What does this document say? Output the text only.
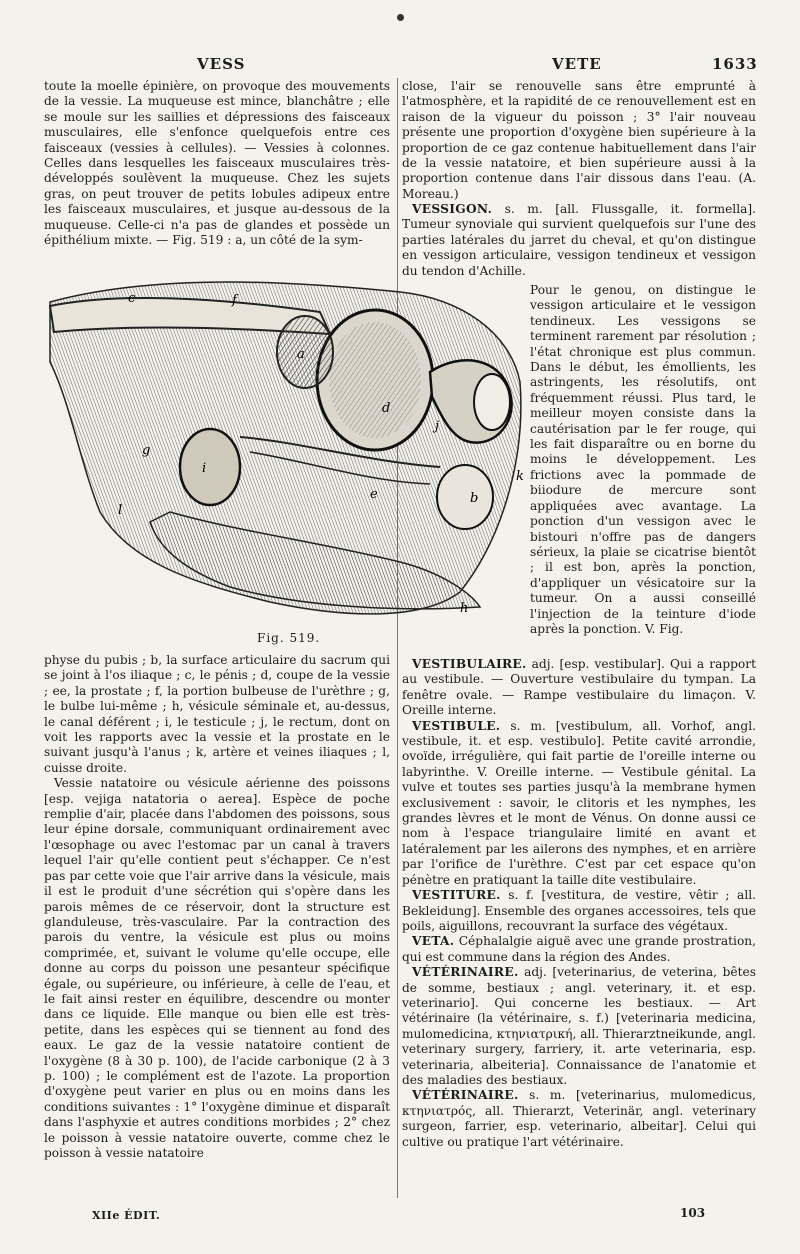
VESS	VETE	1633

toute la moelle épinière, on provoque des mouvements de la vessie. La muqueuse est mince, blanchâtre ; elle se moule sur les saillies et dépressions des faisceaux musculaires, elle s'enfonce quelquefois entre ces faisceaux (vessies à cellules). — Vessies à colonnes. Celles dans lesquelles les faisceaux musculaires très-développés soulèvent la muqueuse. Chez les sujets gras, on peut trouver de petits lobules adipeux entre les faisceaux musculaires, et jusque au-dessous de la muqueuse. Celle-ci n'a pas de glandes et possède un épithélium mixte. — Fig. 519 : a, un côté de la sym-

c	f
a
d
j
g
i
k
e	b
l
h
Fig. 519.

physe du pubis ; b, la surface articulaire du sacrum qui se joint à l'os iliaque ; c, le pénis ; d, coupe de la vessie ; ee, la prostate ; f, la portion bulbeuse de l'urèthre ; g, le bulbe lui-même ; h, vésicule séminale et, au-dessus, le canal déférent ; i, le testicule ; j, le rectum, dont on voit les rapports avec la vessie et la prostate en le suivant jusqu'à l'anus ; k, artère et veines iliaques ; l, cuisse droite.

Vessie natatoire ou vésicule aérienne des poissons [esp. vejiga natatoria o aerea]. Espèce de poche remplie d'air, placée dans l'abdomen des poissons, sous leur épine dorsale, communiquant ordinairement avec l'œsophage ou avec l'estomac par un canal à travers lequel l'air qu'elle contient peut s'échapper. Ce n'est pas par cette voie que l'air arrive dans la vésicule, mais il est le produit d'une sécrétion qui s'opère dans les parois mêmes de ce réservoir, dont la structure est glanduleuse, très-vasculaire. Par la contraction des parois du ventre, la vésicule est plus ou moins comprimée, et, suivant le volume qu'elle occupe, elle donne au corps du poisson une pesanteur spécifique égale, ou supérieure, ou inférieure, à celle de l'eau, et le fait ainsi rester en équilibre, descendre ou monter dans ce liquide. Elle manque ou bien elle est très-petite, dans les espèces qui se tiennent au fond des eaux. Le gaz de la vessie natatoire contient de l'oxygène (8 à 30 p. 100), de l'acide carbonique (2 à 3 p. 100) ; le complément est de l'azote. La proportion d'oxygène peut varier en plus ou en moins dans les conditions suivantes : 1° l'oxygène diminue et disparaît dans l'asphyxie et autres conditions morbides ; 2° chez le poisson à vessie natatoire ouverte, comme chez le poisson à vessie natatoire

close, l'air se renouvelle sans être emprunté à l'atmosphère, et la rapidité de ce renouvellement est en raison de la vigueur du poisson ; 3° l'air nouveau présente une proportion d'oxygène bien supérieure à la proportion de ce gaz contenue habituellement dans l'air de la vessie natatoire, et bien supérieure aussi à la proportion contenue dans l'air dissous dans l'eau. (A. Moreau.)

VESSIGON. s. m. [all. Flussgalle, it. formella]. Tumeur synoviale qui survient quelquefois sur l'une des parties latérales du jarret du cheval, et qu'on distingue en vessigon articulaire, vessigon tendineux et vessigon du tendon d'Achille.

Pour le genou, on distingue le vessigon articulaire et le vessigon tendineux. Les vessigons se terminent rarement par résolution ; l'état chronique est plus commun. Dans le début, les émollients, les astringents, les résolutifs, ont fréquemment réussi. Plus tard, le meilleur moyen consiste dans la cautérisation par le fer rouge, qui les fait disparaître ou en borne du moins le développement. Les frictions avec la pommade de biiodure de mercure sont appliquées avec avantage. La ponction d'un vessigon avec le bistouri n'offre pas de dangers sérieux, la plaie se cicatrise bientôt ; il est bon, après la ponction, d'appliquer un vésicatoire sur la tumeur. On a aussi conseillé l'injection de la teinture d'iode après la ponction. V. Fig.

VESTIBULAIRE. adj. [esp. vestibular]. Qui a rapport au vestibule. — Ouverture vestibulaire du tympan. La fenêtre ovale. — Rampe vestibulaire du limaçon. V. Oreille interne.

VESTIBULE. s. m. [vestibulum, all. Vorhof, angl. vestibule, it. et esp. vestibulo]. Petite cavité arrondie, ovoïde, irrégulière, qui fait partie de l'oreille interne ou labyrinthe. V. Oreille interne. — Vestibule génital. La vulve et toutes ses parties jusqu'à la membrane hymen exclusivement : savoir, le clitoris et les nymphes, les grandes lèvres et le mont de Vénus. On donne aussi ce nom à l'espace triangulaire limité en avant et latéralement par les ailerons des nymphes, et en arrière par l'orifice de l'urèthre. C'est par cet espace qu'on pénètre en pratiquant la taille dite vestibulaire.

VESTITURE. s. f. [vestitura, de vestire, vêtir ; all. Bekleidung]. Ensemble des organes accessoires, tels que poils, aiguillons, recouvrant la surface des végétaux.

VETA. Céphalalgie aiguë avec une grande prostration, qui est commune dans la région des Andes.

VÉTÉRINAIRE. adj. [veterinarius, de veterina, bêtes de somme, bestiaux ; angl. veterinary, it. et esp. veterinario]. Qui concerne les bestiaux. — Art vétérinaire (la vétérinaire, s. f.) [veterinaria medicina, mulomedicina, κτηνιατρική, all. Thierarztneikunde, angl. veterinary surgery, farriery, it. arte veterinaria, esp. veterinaria, albeiteria]. Connaissance de l'anatomie et des maladies des bestiaux.

VÉTÉRINAIRE. s. m. [veterinarius, mulomedicus, κτηνιατρός, all. Thierarzt, Veterinär, angl. veterinary surgeon, farrier, esp. veterinario, albeitar]. Celui qui cultive ou pratique l'art vétérinaire.

XIIe ÉDIT.	103
